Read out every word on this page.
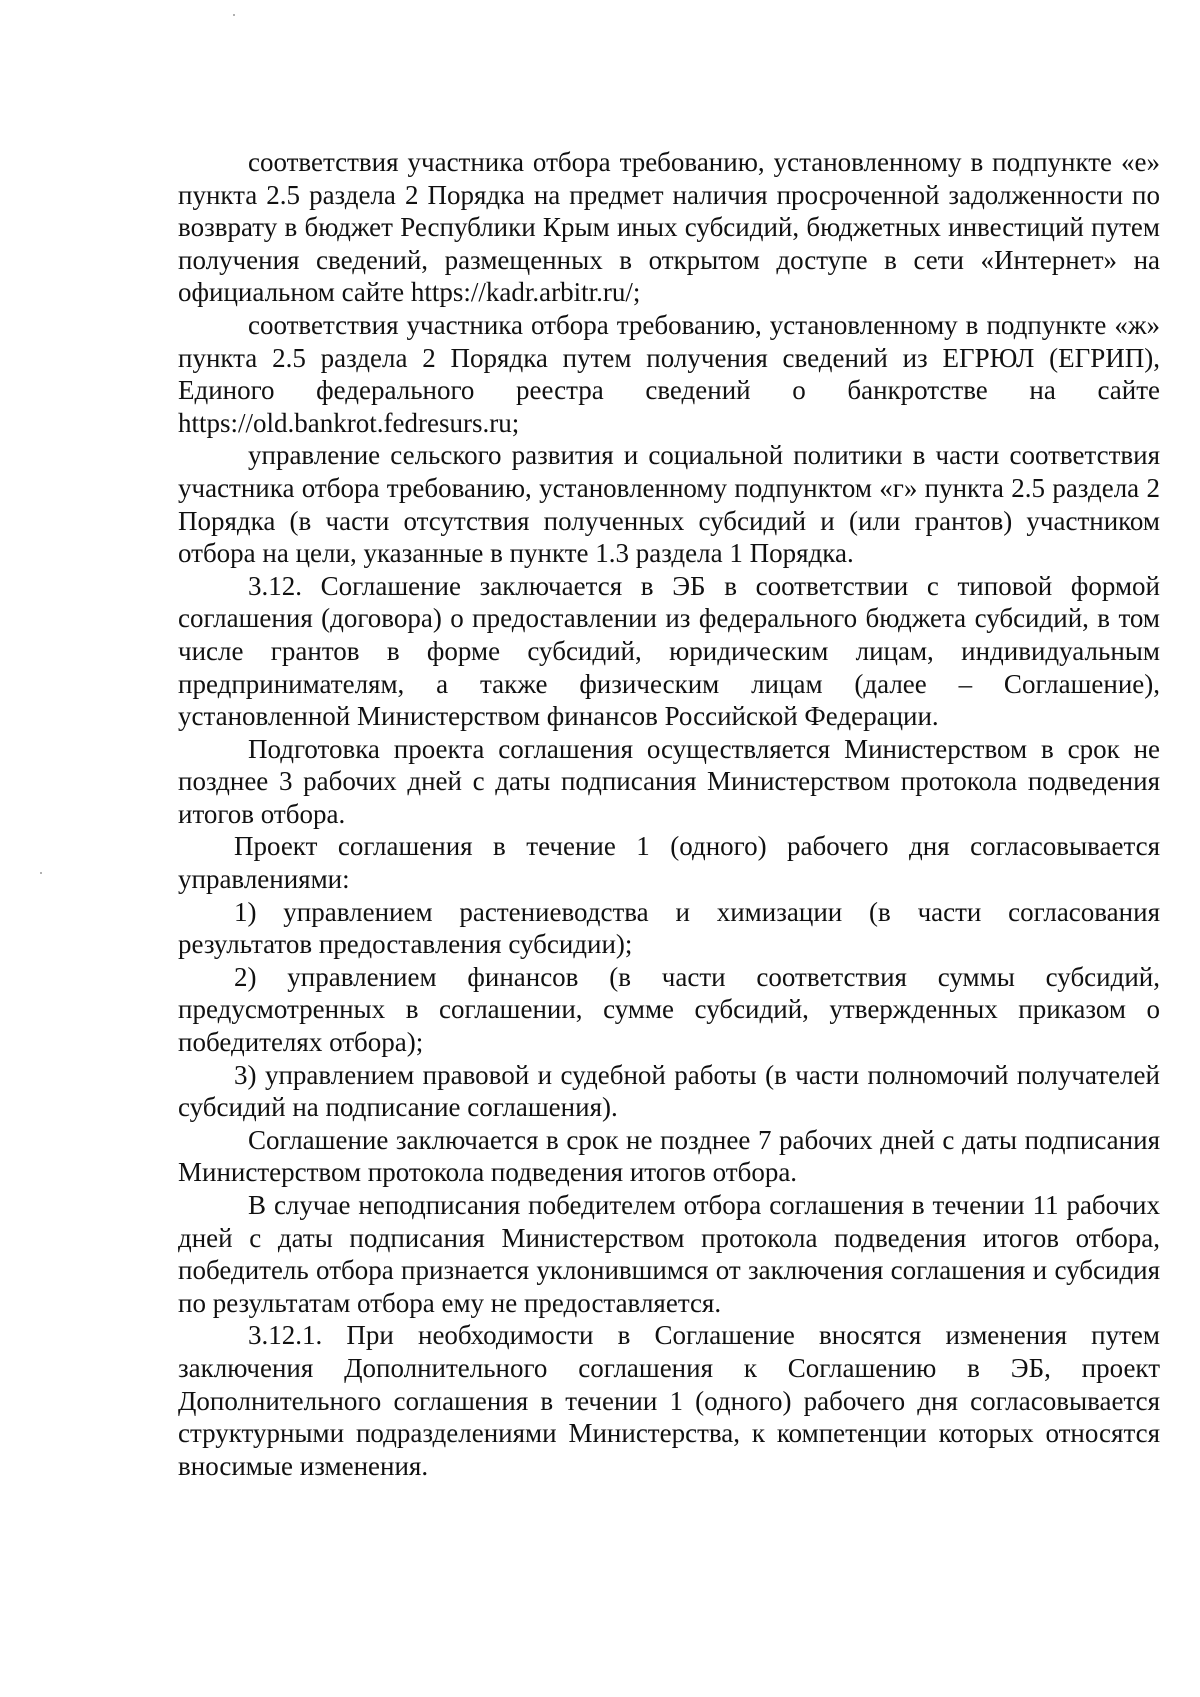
соответствия участника отбора требованию, установленному в подпункте «е» пункта 2.5 раздела 2 Порядка на предмет наличия просроченной задолженности по возврату в бюджет Республики Крым иных субсидий, бюджетных инвестиций путем получения сведений, размещенных в открытом доступе в сети «Интернет» на официальном сайте https://kadr.arbitr.ru/;

соответствия участника отбора требованию, установленному в подпункте «ж» пункта 2.5 раздела 2 Порядка путем получения сведений из ЕГРЮЛ (ЕГРИП), Единого федерального реестра сведений о банкротстве на сайте https://old.bankrot.fedresurs.ru;

управление сельского развития и социальной политики в части соответствия участника отбора требованию, установленному подпунктом «г» пункта 2.5 раздела 2 Порядка (в части отсутствия полученных субсидий и (или грантов) участником отбора на цели, указанные в пункте 1.3 раздела 1 Порядка.

3.12. Соглашение заключается в ЭБ в соответствии с типовой формой соглашения (договора) о предоставлении из федерального бюджета субсидий, в том числе грантов в форме субсидий, юридическим лицам, индивидуальным предпринимателям, а также физическим лицам (далее – Соглашение), установленной Министерством финансов Российской Федерации.

Подготовка проекта соглашения осуществляется Министерством в срок не позднее 3 рабочих дней с даты подписания Министерством протокола подведения итогов отбора.

Проект соглашения в течение 1 (одного) рабочего дня согласовывается управлениями:

1) управлением растениеводства и химизации (в части согласования результатов предоставления субсидии);

2) управлением финансов (в части соответствия суммы субсидий, предусмотренных в соглашении, сумме субсидий, утвержденных приказом о победителях отбора);

3) управлением правовой и судебной работы (в части полномочий получателей субсидий на подписание соглашения).

Соглашение заключается в срок не позднее 7 рабочих дней с даты подписания Министерством протокола подведения итогов отбора.

В случае неподписания победителем отбора соглашения в течении 11 рабочих дней с даты подписания Министерством протокола подведения итогов отбора, победитель отбора признается уклонившимся от заключения соглашения и субсидия по результатам отбора ему не предоставляется.

3.12.1. При необходимости в Соглашение вносятся изменения путем заключения Дополнительного соглашения к Соглашению в ЭБ, проект Дополнительного соглашения в течении 1 (одного) рабочего дня согласовывается структурными подразделениями Министерства, к компетенции которых относятся вносимые изменения.
